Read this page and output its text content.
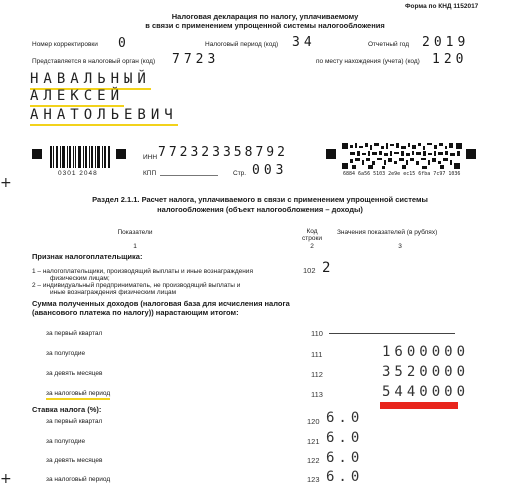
Форма по КНД 1152017
Налоговая декларация по налогу, уплачиваемому
в связи с применением упрощенной системы налогообложения
Номер корректировки 0	Налоговый период (код) 34	Отчетный год 2019
Представляется в налоговый орган (код) 7723	по месту нахождения (учета) (код) 120
НАВАЛЬНЫЙ
АЛЕКСЕЙ
АНАТОЛЬЕВИЧ
0301 2048
ИНН 772323358792
КПП	Стр. 003	6884 6a56 5103 2e9e ec15 6fba 7c97 1036
+
+
Раздел 2.1.1. Расчет налога, уплачиваемого в связи с применением упрощенной системы
налогообложения (объект налогообложения – доходы)
Показатели	Код
строки
Значения показателей (в рублях)
1	2	3
Признак налогоплательщика:
1 – налогоплательщики, производящий выплаты и иные вознаграждения
физическим лицам;
2 – индивидуальный предприниматель, не производящий выплаты и
иные вознаграждения физическим лицам
102 2
Сумма полученных доходов (налоговая база для исчисления налога
(авансового платежа по налогу)) нарастающим итогом:
за первый квартал	110
за полугодие	111	1600000
за девять месяцев	112	3520000
за налоговый период	113	5440000
Ставка налога (%):
за первый квартал	120 6.0
за полугодие	121 6.0
за девять месяцев	122 6.0
за налоговый период	123 6.0
